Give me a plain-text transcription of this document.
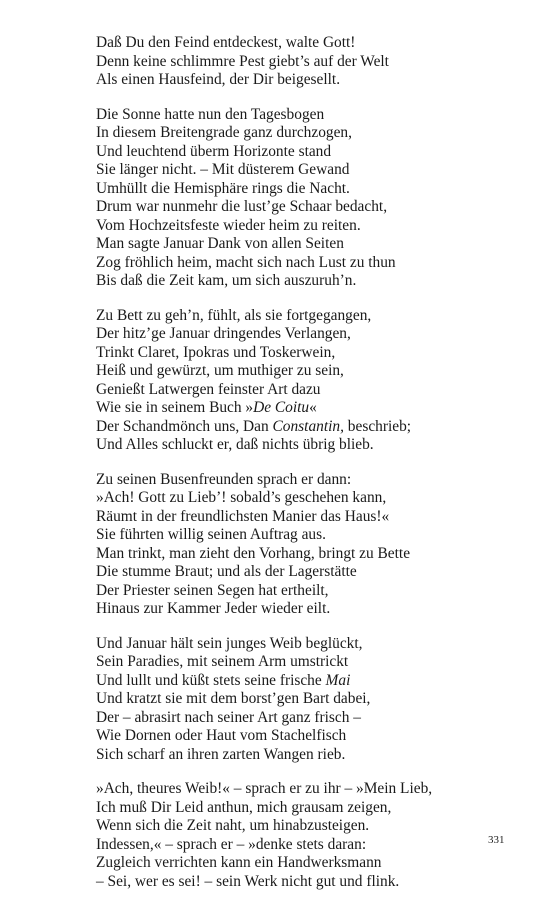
Daß Du den Feind entdeckest, walte Gott!
Denn keine schlimmre Pest giebt’s auf der Welt
Als einen Hausfeind, der Dir beigesellt.
Die Sonne hatte nun den Tagesbogen
In diesem Breitengrade ganz durchzogen,
Und leuchtend überm Horizonte stand
Sie länger nicht. – Mit düsterem Gewand
Umhüllt die Hemisphäre rings die Nacht.
Drum war nunmehr die lust’ge Schaar bedacht,
Vom Hochzeitsfeste wieder heim zu reiten.
Man sagte Januar Dank von allen Seiten
Zog fröhlich heim, macht sich nach Lust zu thun
Bis daß die Zeit kam, um sich auszuruh’n.
Zu Bett zu geh’n, fühlt, als sie fortgegangen,
Der hitz’ge Januar dringendes Verlangen,
Trinkt Claret, Ipokras und Toskerwein,
Heiß und gewürzt, um muthiger zu sein,
Genießt Latwergen feinster Art dazu
Wie sie in seinem Buch »De Coitu«
Der Schandmönch uns, Dan Constantin, beschrieb;
Und Alles schluckt er, daß nichts übrig blieb.
Zu seinen Busenfreunden sprach er dann:
»Ach! Gott zu Lieb’! sobald’s geschehen kann,
Räumt in der freundlichsten Manier das Haus!«
Sie führten willig seinen Auftrag aus.
Man trinkt, man zieht den Vorhang, bringt zu Bette
Die stumme Braut; und als der Lagerstätte
Der Priester seinen Segen hat ertheilt,
Hinaus zur Kammer Jeder wieder eilt.
Und Januar hält sein junges Weib beglückt,
Sein Paradies, mit seinem Arm umstrickt
Und lullt und küßt stets seine frische Mai
Und kratzt sie mit dem borst’gen Bart dabei,
Der – abrasirt nach seiner Art ganz frisch –
Wie Dornen oder Haut vom Stachelfisch
Sich scharf an ihren zarten Wangen rieb.
»Ach, theures Weib!« – sprach er zu ihr – »Mein Lieb,
Ich muß Dir Leid anthun, mich grausam zeigen,
Wenn sich die Zeit naht, um hinabzusteigen.
Indessen,« – sprach er – »denke stets daran:
Zugleich verrichten kann ein Handwerksmann
– Sei, wer es sei! – sein Werk nicht gut und flink.
331
